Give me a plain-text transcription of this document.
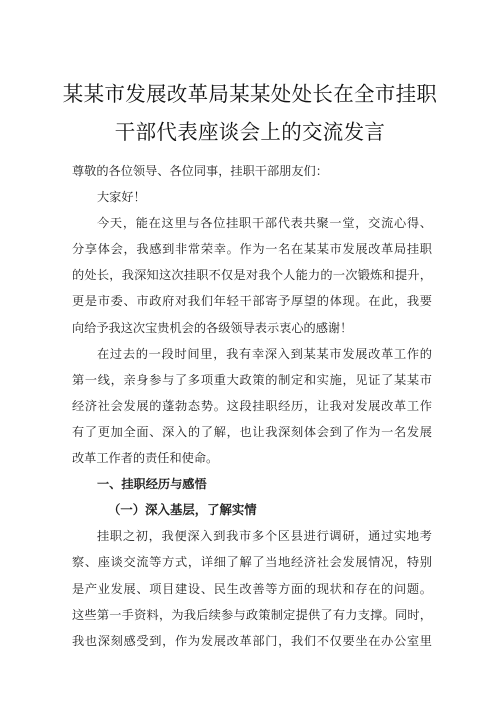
某某市发展改革局某某处处长在全市挂职
干部代表座谈会上的交流发言
尊敬的各位领导、各位同事，挂职干部朋友们：
大家好！
今天，能在这里与各位挂职干部代表共聚一堂，交流心得、
分享体会，我感到非常荣幸。作为一名在某某市发展改革局挂职
的处长，我深知这次挂职不仅是对我个人能力的一次锻炼和提升，
更是市委、市政府对我们年轻干部寄予厚望的体现。在此，我要
向给予我这次宝贵机会的各级领导表示衷心的感谢！
在过去的一段时间里，我有幸深入到某某市发展改革工作的
第一线，亲身参与了多项重大政策的制定和实施，见证了某某市
经济社会发展的蓬勃态势。这段挂职经历，让我对发展改革工作
有了更加全面、深入的了解，也让我深刻体会到了作为一名发展
改革工作者的责任和使命。
一、挂职经历与感悟
（一）深入基层，了解实情
挂职之初，我便深入到我市多个区县进行调研，通过实地考
察、座谈交流等方式，详细了解了当地经济社会发展情况，特别
是产业发展、项目建设、民生改善等方面的现状和存在的问题。
这些第一手资料，为我后续参与政策制定提供了有力支撑。同时，
我也深刻感受到，作为发展改革部门，我们不仅要坐在办公室里
